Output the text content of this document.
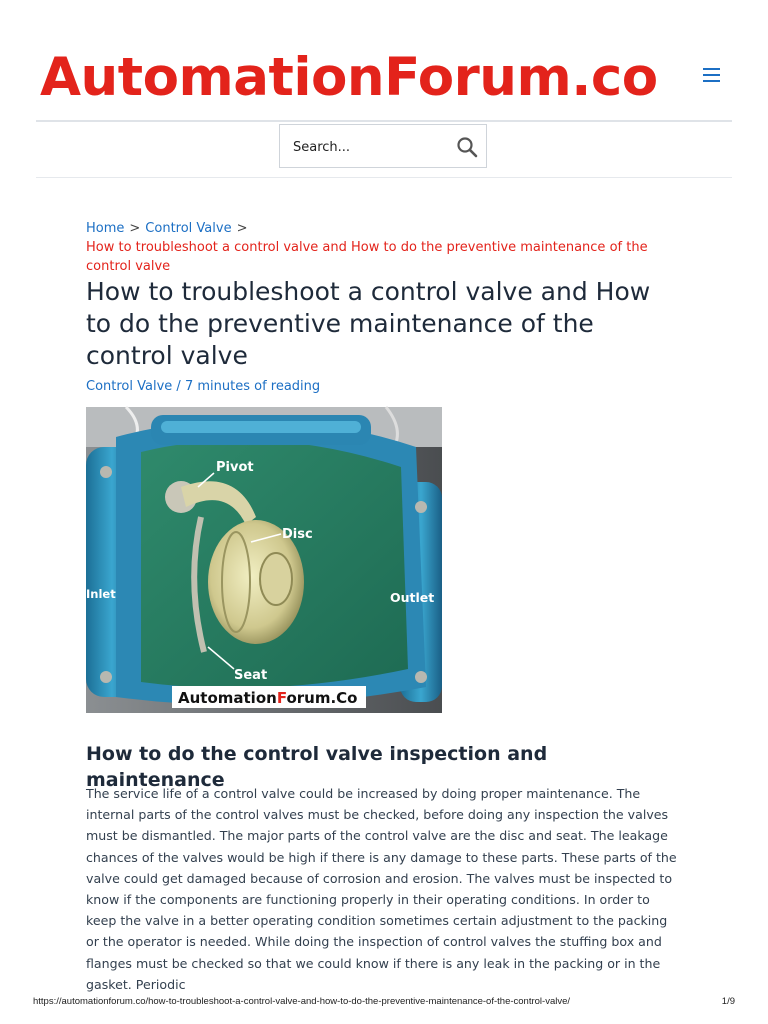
AutomationForum.co
Search...
Home > Control Valve >
How to troubleshoot a control valve and How to do the preventive maintenance of the control valve
How to troubleshoot a control valve and How to do the preventive maintenance of the control valve
Control Valve / 7 minutes of reading
Pivot
Disc
Inlet	Outlet
Seat
AutomationForum.Co
How to do the control valve inspection and maintenance

The service life of a control valve could be increased by doing proper maintenance. The internal parts of the control valves must be checked, before doing any inspection the valves must be dismantled. The major parts of the control valve are the disc and seat. The leakage chances of the valves would be high if there is any damage to these parts. These parts of the valve could get damaged because of corrosion and erosion. The valves must be inspected to know if the components are functioning properly in their operating conditions. In order to keep the valve in a better operating condition sometimes certain adjustment to the packing or the operator is needed. While doing the inspection of control valves the stuffing box and flanges must be checked so that we could know if there is any leak in the packing or in the gasket. Periodic

https://automationforum.co/how-to-troubleshoot-a-control-valve-and-how-to-do-the-preventive-maintenance-of-the-control-valve/	1/9
